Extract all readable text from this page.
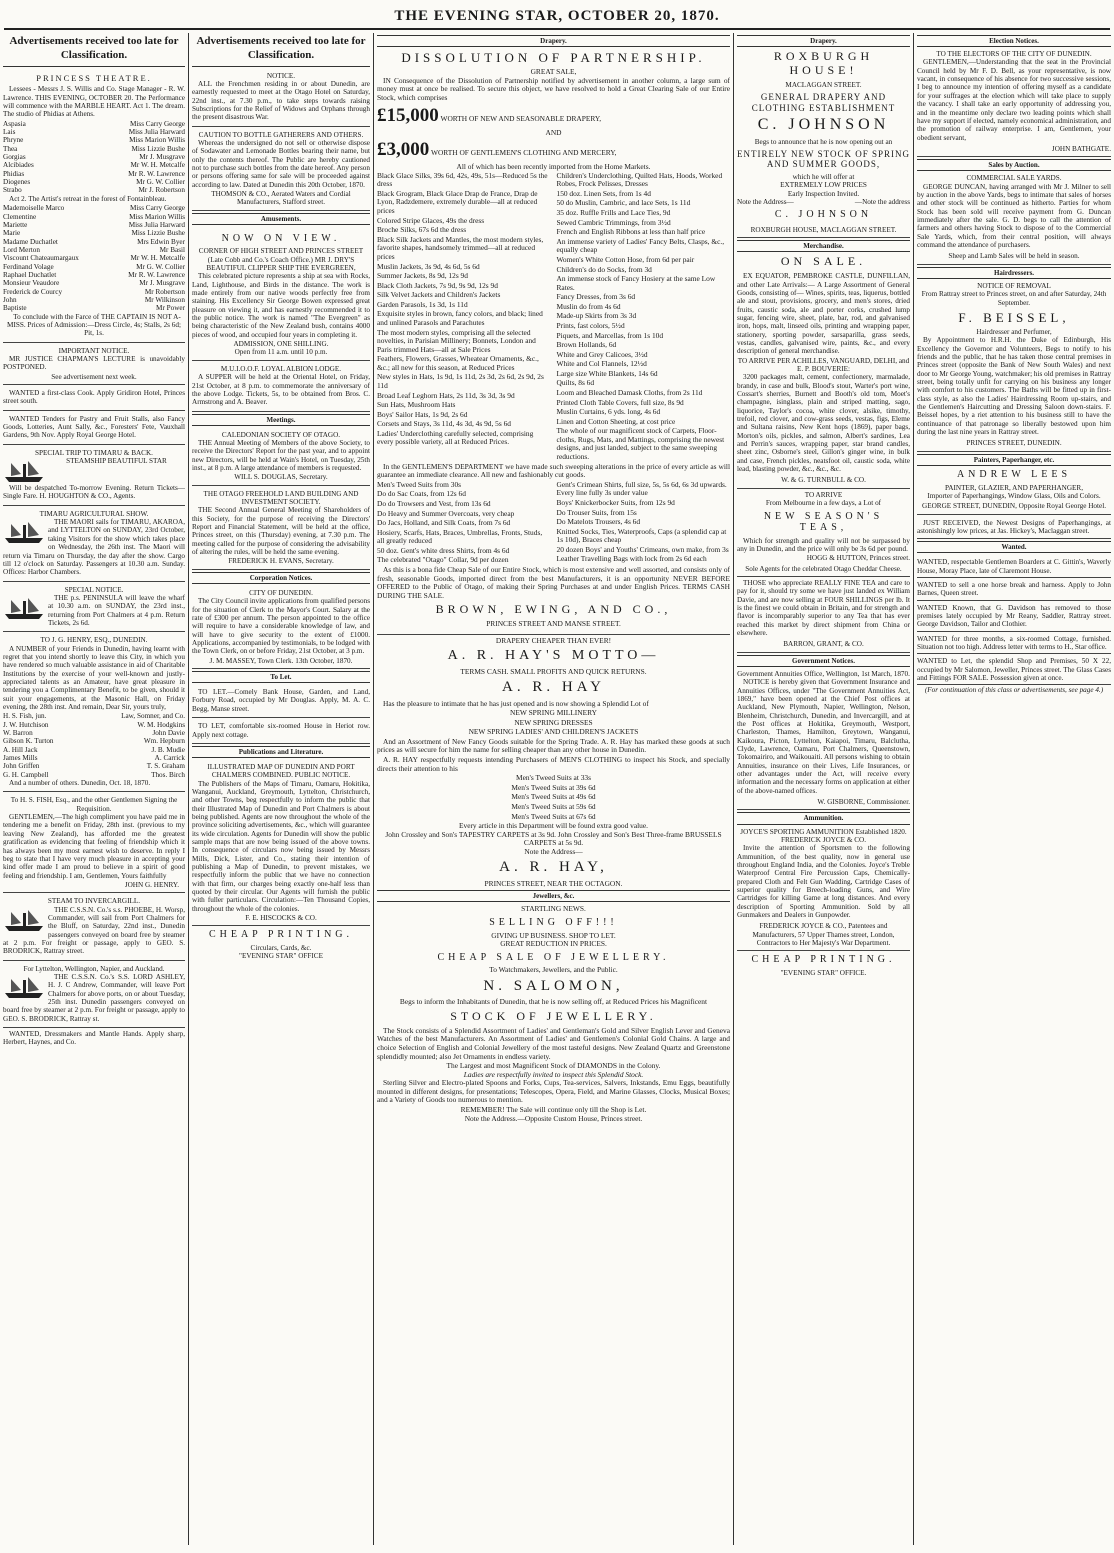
THE EVENING STAR, OCTOBER 20, 1870.
Advertisements received too late for Classification.
PRINCESS THEATRE.

Lessees - Messrs J. S. Willis and Co. Stage Manager - R. W. Lawrence. THIS EVENING, OCTOBER 20. The Performance will commence with the MARBLE HEART. Act 1. The dream. The studio of Phidias at Athens.

Aspasia	Miss Carry George
Lais	Miss Julia Harward
Phryne	Miss Marion Willis
Thea	Miss Lizzie Bushe
Gorgias	Mr J. Musgrave
Alcibiades	Mr W. H. Metcalfe
Phidias	Mr R. W. Lawrence
Diogenes	Mr G. W. Collier
Strabo	Mr J. Robertson

Act 2. The Artist's retreat in the forest of Fontainbleau.

Mademoiselle Marco	Miss Carry George
Clementine	Miss Marion Willis
Mariette	Miss Julia Harward
Marie	Miss Lizzie Bushe
Madame Duchatlet	Mrs Edwin Byer
Lord Merton	Mr Basil
Viscount Chateaumargaux	Mr W. H. Metcalfe
Ferdinand Volage	Mr G. W. Collier
Raphael Duchatlet	Mr R. W. Lawrence
Monsieur Veaudore	Mr J. Musgrave
Frederick de Courcy	Mr Robertson
John	Mr Wilkinson
Baptiste	Mr Power

To conclude with the Farce of THE CAPTAIN IS NOT A-MISS. Prices of Admission:—Dress Circle, 4s; Stalls, 2s 6d; Pit, 1s.

IMPORTANT NOTICE.

MR JUSTICE CHAPMAN'S LECTURE is unavoidably POSTPONED.

See advertisement next week.

WANTED a first-class Cook. Apply Gridiron Hotel, Princes street south.

WANTED Tenders for Pastry and Fruit Stalls, also Fancy Goods, Lotteries, Aunt Sally, &c., Foresters' Fete, Vauxhall Gardens, 9th Nov. Apply Royal George Hotel.

SPECIAL TRIP TO TIMARU & BACK.
STEAMSHIP BEAUTIFUL STAR

Will be despatched To-morrow Evening. Return Tickets—Single Fare. H. HOUGHTON & CO., Agents.

TIMARU AGRICULTURAL SHOW.

THE MAORI sails for TIMARU, AKAROA, and LYTTELTON on SUNDAY, 23rd October, taking Visitors for the show which takes place on Wednesday, the 26th inst. The Maori will return via Timaru on Thursday, the day after the show. Cargo till 12 o'clock on Saturday. Passengers at 10.30 a.m. Sunday. Offices: Harbor Chambers.

SPECIAL NOTICE.

THE p.s. PENINSULA will leave the wharf at 10.30 a.m. on SUNDAY, the 23rd inst., returning from Port Chalmers at 4 p.m. Return Tickets, 2s 6d.

TO J. G. HENRY, ESQ., DUNEDIN.

A NUMBER of your Friends in Dunedin, having learnt with regret that you intend shortly to leave this City, in which you have rendered so much valuable assistance in aid of Charitable Institutions by the exercise of your well-known and justly-appreciated talents as an Amateur, have great pleasure in tendering you a Complimentary Benefit, to be given, should it suit your engagements, at the Masonic Hall, on Friday evening, the 28th inst. And remain, Dear Sir, yours truly,

H. S. Fish, jun.	Law, Somner, and Co.
J. W. Hutchison	W. M. Hodgkins
W. Barron	John Davie
Gibson K. Turton	Wm. Hepburn
A. Hill Jack	J. B. Mudie
James Mills	A. Carrick
John Griffen	T. S. Graham
G. H. Campbell	Thos. Birch

And a number of others. Dunedin, Oct. 18, 1870.

To H. S. FISH, Esq., and the other Gentlemen Signing the Requisition.

GENTLEMEN,—The high compliment you have paid me in tendering me a benefit on Friday, 28th inst. (previous to my leaving New Zealand), has afforded me the greatest gratification as evidencing that feeling of friendship which it has always been my most earnest wish to deserve. In reply I beg to state that I have very much pleasure in accepting your kind offer made I am proud to believe in a spirit of good feeling and friendship. I am, Gentlemen, Yours faithfully

JOHN G. HENRY.
STEAM TO INVERCARGILL.

THE C.S.S.N. Co.'s s.s. PHOEBE, H. Worsp, Commander, will sail from Port Chalmers for the Bluff, on Saturday, 22nd inst., Dunedin passengers conveyed on board free by steamer at 2 p.m. For freight or passage, apply to GEO. S. BRODRICK, Rattray street.

For Lyttelton, Wellington, Napier, and Auckland.

THE C.S.S.N. Co.'s S.S. LORD ASHLEY, H. J. C Andrew, Commander, will leave Port Chalmers for above ports, on or about Tuesday, 25th inst. Dunedin passengers conveyed on board free by steamer at 2 p.m. For freight or passage, apply to GEO. S. BRODRICK, Rattray st.

WANTED, Dressmakers and Mantle Hands. Apply sharp, Herbert, Haynes, and Co.

Advertisements received too late for Classification.
NOTICE.

ALL the Frenchmen residing in or about Dunedin, are earnestly requested to meet at the Otago Hotel on Saturday, 22nd inst., at 7.30 p.m., to take steps towards raising Subscriptions for the Relief of Widows and Orphans through the present disastrous War.

CAUTION TO BOTTLE GATHERERS AND OTHERS.

Whereas the undersigned do not sell or otherwise dispose of Sodawater and Lemonade Bottles bearing their name, but only the contents thereof. The Public are hereby cautioned not to purchase such bottles from the date hereof. Any person or persons offering same for sale will be proceeded against according to law. Dated at Dunedin this 20th October, 1870.

THOMSON & CO., Aerated Waters and Cordial Manufacturers, Stafford street.
Amusements.
NOW ON VIEW.
CORNER OF HIGH STREET AND PRINCES STREET (Late Cobb and Co.'s Coach Office.) MR J. DRY'S BEAUTIFUL CLIPPER SHIP THE EVERGREEN,

This celebrated picture represents a ship at sea with Rocks, Land, Lighthouse, and Birds in the distance. The work is made entirely from our native woods perfectly free from staining. His Excellency Sir George Bowen expressed great pleasure on viewing it, and has earnestly recommended it to the public notice. The work is named "The Evergreen" as being characteristic of the New Zealand bush, contains 4000 pieces of wood, and occupied four years in completing it.

ADMISSION, ONE SHILLING.
Open from 11 a.m. until 10 p.m.
M.U.I.O.O.F. LOYAL ALBION LODGE.

A SUPPER will be held at the Oriental Hotel, on Friday, 21st October, at 8 p.m. to commemorate the anniversary of the above Lodge. Tickets, 5s, to be obtained from Bros. C. Armstrong and A. Beaver.

Meetings.
CALEDONIAN SOCIETY OF OTAGO.

THE Annual Meeting of Members of the above Society, to receive the Directors' Report for the past year, and to appoint new Directors, will be held at Wain's Hotel, on Tuesday, 25th inst., at 8 p.m. A large attendance of members is requested.

WILL S. DOUGLAS, Secretary.
THE OTAGO FREEHOLD LAND BUILDING AND INVESTMENT SOCIETY.

THE Second Annual General Meeting of Shareholders of this Society, for the purpose of receiving the Directors' Report and Financial Statement, will be held at the office, Princes street, on this (Thursday) evening, at 7.30 p.m. The meeting called for the purpose of considering the advisability of altering the rules, will be held the same evening.

FREDERICK H. EVANS, Secretary.
Corporation Notices.
CITY OF DUNEDIN.

The City Council invite applications from qualified persons for the situation of Clerk to the Mayor's Court. Salary at the rate of £300 per annum. The person appointed to the office will require to have a considerable knowledge of law, and will have to give security to the extent of £1000. Applications, accompanied by testimonials, to be lodged with the Town Clerk, on or before Friday, 21st October, at 3 p.m.

J. M. MASSEY, Town Clerk. 13th October, 1870.
To Let.

TO LET.—Comely Bank House, Garden, and Land, Forbury Road, occupied by Mr Douglas. Apply, M. A. C. Begg, Manse street.

TO LET, comfortable six-roomed House in Heriot row. Apply next cottage.

Publications and Literature.
ILLUSTRATED MAP OF DUNEDIN AND PORT CHALMERS COMBINED. PUBLIC NOTICE.

The Publishers of the Maps of Timaru, Oamaru, Hokitika, Wanganui, Auckland, Greymouth, Lyttelton, Christchurch, and other Towns, beg respectfully to inform the public that their Illustrated Map of Dunedin and Port Chalmers is about being published. Agents are now throughout the whole of the province soliciting advertisements, &c., which will guarantee its wide circulation. Agents for Dunedin will show the public sample maps that are now being issued of the above towns. In consequence of circulars now being issued by Messrs Mills, Dick, Lister, and Co., stating their intention of publishing a Map of Dunedin, to prevent mistakes, we respectfully inform the public that we have no connection with that firm, our charges being exactly one-half less than quoted by their circular. Our Agents will furnish the public with fuller particulars. Circulation:—Ten Thousand Copies, throughout the whole of the colonies.

F. E. HISCOCKS & CO.
CHEAP PRINTING.
Circulars, Cards, &c.
"EVENING STAR" OFFICE
Drapery.
DISSOLUTION OF PARTNERSHIP.
GREAT SALE,

IN Consequence of the Dissolution of Partnership notified by advertisement in another column, a large sum of money must at once be realised. To secure this object, we have resolved to hold a Great Clearing Sale of our Entire Stock, which comprises

£15,000 WORTH OF NEW AND SEASONABLE DRAPERY,
AND
£3,000 WORTH OF GENTLEMEN'S CLOTHING AND MERCERY,
All of which has been recently imported from the Home Markets.
Black Glace Silks, 39s 6d, 42s, 49s, 51s—Reduced 5s the dress
Black Grogram, Black Glace Drap de France, Drap de Lyon, Radzdemere, extremely durable—all at reduced prices
Colored Stripe Glaces, 49s the dress
Broche Silks, 67s 6d the dress
Black Silk Jackets and Mantles, the most modern styles, favorite shapes, handsomely trimmed—all at reduced prices
Muslin Jackets, 3s 9d, 4s 6d, 5s 6d
Summer Jackets, 8s 9d, 12s 9d
Black Cloth Jackets, 7s 9d, 9s 9d, 12s 9d
Silk Velvet Jackets and Children's Jackets
Garden Parasols, 1s 3d, 1s 11d
Exquisite styles in brown, fancy colors, and black; lined and unlined Parasols and Parachutes
The most modern styles, comprising all the selected novelties, in Parisian Millinery; Bonnets, London and Paris trimmed Hats—all at Sale Prices
Feathers, Flowers, Grasses, Wheatear Ornaments, &c., &c.; all new for this season, at Reduced Prices
New styles in Hats, 1s 9d, 1s 11d, 2s 3d, 2s 6d, 2s 9d, 2s 11d
Broad Leaf Leghorn Hats, 2s 11d, 3s 3d, 3s 9d
Sun Hats, Mushroom Hats
Boys' Sailor Hats, 1s 9d, 2s 6d
Corsets and Stays, 3s 11d, 4s 3d, 4s 9d, 5s 6d
Ladies' Underclothing carefully selected, comprising every possible variety, all at Reduced Prices.
Children's Underclothing, Quilted Hats, Hoods, Worked Robes, Frock Pelisses, Dresses
150 doz. Linen Sets, from 1s 4d
50 do Muslin, Cambric, and lace Sets, 1s 11d
35 doz. Ruffle Frills and Lace Ties, 9d
Sewed Cambric Trimmings, from 3½d
French and English Ribbons at less than half price
An immense variety of Ladies' Fancy Belts, Clasps, &c., equally cheap
Women's White Cotton Hose, from 6d per pair
Children's do do Socks, from 3d
An immense stock of Fancy Hosiery at the same Low Rates.
Fancy Dresses, from 3s 6d
Muslin do from 4s 6d
Made-up Skirts from 3s 3d
Prints, fast colors, 5½d
Piquets, and Marcellas, from 1s 10d
Brown Hollands, 6d
White and Grey Calicoes, 3½d
White and Col Flannels, 12½d
Large size White Blankets, 14s 6d
Quilts, 8s 6d
Loom and Bleached Damask Cloths, from 2s 11d
Printed Cloth Table Covers, full size, 8s 9d
Muslin Curtains, 6 yds. long, 4s 6d
Linen and Cotton Sheeting, at cost price
The whole of our magnificent stock of Carpets, Floor-cloths, Rugs, Mats, and Mattings, comprising the newest designs, and just landed, subject to the same sweeping reductions.

In the GENTLEMEN'S DEPARTMENT we have made such sweeping alterations in the price of every article as will guarantee an immediate clearance. All new and fashionably cut goods.

Men's Tweed Suits from 30s
Do do Sac Coats, from 12s 6d
Do do Trowsers and Vest, from 13s 6d
Do Heavy and Summer Overcoats, very cheap
Do Jacs, Holland, and Silk Coats, from 7s 6d
Hosiery, Scarfs, Hats, Braces, Umbrellas, Fronts, Studs, all greatly reduced
50 doz. Gent's white dress Shirts, from 4s 6d
The celebrated "Otago" Collar, 9d per dozen
Gent's Crimean Shirts, full size, 5s, 5s 6d, 6s 3d upwards. Every line fully 3s under value
Boys' Knickerbocker Suits, from 12s 9d
Do Trouser Suits, from 15s
Do Matelots Trousers, 4s 6d
Knitted Socks, Ties, Waterproofs, Caps (a splendid cap at 1s 10d), Braces cheap
20 dozen Boys' and Youths' Crimeans, own make, from 3s
Leather Travelling Bags with lock from 2s 6d each

As this is a bona fide Cheap Sale of our Entire Stock, which is most extensive and well assorted, and consists only of fresh, seasonable Goods, imported direct from the best Manufacturers, it is an opportunity NEVER BEFORE OFFERED to the Public of Otago, of making their Spring Purchases at and under English Prices. TERMS CASH DURING THE SALE.

BROWN, EWING, AND CO.,
PRINCES STREET AND MANSE STREET.
DRAPERY CHEAPER THAN EVER!
A. R. HAY'S MOTTO—
TERMS CASH. SMALL PROFITS AND QUICK RETURNS.
A. R. HAY

Has the pleasure to intimate that he has just opened and is now showing a Splendid Lot of

NEW SPRING MILLINERY
NEW SPRING DRESSES
NEW SPRING LADIES' AND CHILDREN'S JACKETS

And an Assortment of New Fancy Goods suitable for the Spring Trade. A. R. Hay has marked these goods at such prices as will secure for him the name for selling cheaper than any other house in Dunedin.

A. R. HAY respectfully requests intending Purchasers of MEN'S CLOTHING to inspect his Stock, and specially directs their attention to his

Men's Tweed Suits at 33s
Men's Tweed Suits at 39s 6d
Men's Tweed Suits at 49s 6d
Men's Tweed Suits at 59s 6d
Men's Tweed Suits at 67s 6d
Every article in this Department will be found extra good value.
John Crossley and Son's TAPESTRY CARPETS at 3s 9d. John Crossley and Son's Best Three-frame BRUSSELS CARPETS at 5s 9d.
Note the Address—
A. R. HAY,
PRINCES STREET, NEAR THE OCTAGON.
Jewellers, &c.
STARTLING NEWS.
SELLING OFF!!!
GIVING UP BUSINESS. SHOP TO LET.
GREAT REDUCTION IN PRICES.
CHEAP SALE OF JEWELLERY.
To Watchmakers, Jewellers, and the Public.
N. SALOMON,
Begs to inform the Inhabitants of Dunedin, that he is now selling off, at Reduced Prices his Magnificent
STOCK OF JEWELLERY.

The Stock consists of a Splendid Assortment of Ladies' and Gentleman's Gold and Silver English Lever and Geneva Watches of the best Manufacturers. An Assortment of Ladies' and Gentlemen's Colonial Gold Chains. A large and choice Selection of English and Colonial Jewellery of the most tasteful designs. New Zealand Quartz and Greenstone splendidly mounted; also Jet Ornaments in endless variety.

The Largest and most Magnificent Stock of DIAMONDS in the Colony.
Ladies are respectfully invited to inspect this Splendid Stock.

Sterling Silver and Electro-plated Spoons and Forks, Cups, Tea-services, Salvers, Inkstands, Emu Eggs, beautifully mounted in different designs, for presentations; Telescopes, Opera, Field, and Marine Glasses, Clocks, Musical Boxes; and a Variety of Goods too numerous to mention.

REMEMBER! The Sale will continue only till the Shop is Let.
Note the Address.—Opposite Custom House, Princes street.
Drapery.
ROXBURGH HOUSE!
MACLAGGAN STREET.
GENERAL DRAPERY AND CLOTHING ESTABLISHMENT
C. JOHNSON
Begs to announce that he is now opening out an
ENTIRELY NEW STOCK OF SPRING AND SUMMER GOODS,
which he will offer at
EXTREMELY LOW PRICES
Early Inspection Invited.
Note the Address—	—Note the address
C. JOHNSON
ROXBURGH HOUSE, MACLAGGAN STREET.
Merchandise.
ON SALE.

EX EQUATOR, PEMBROKE CASTLE, DUNFILLAN, and other Late Arrivals:— A Large Assortment of General Goods, consisting of— Wines, spirits, teas, liquerus, bottled ale and stout, provisions, grocery, and men's stores, dried fruits, caustic soda, ale and porter corks, crushed lump sugar, fencing wire, sheet, plate, bar, rod, and galvanised iron, hops, malt, linseed oils, printing and wrapping paper, stationery, sporting powder, sarsaparilla, grass seeds, vestas, candles, galvanised wire, paints, &c., and every description of general merchandise.

TO ARRIVE PER ACHILLES, VANGUARD, DELHI, and E. P. BOUVERIE:

3200 packages malt, cement, confectionery, marmalade, brandy, in case and bulk, Blood's stout, Warter's port wine, Cossart's sherries, Burnett and Booth's old tom, Moet's champagne, isinglass, plain and striped matting, sago, liquorice, Taylor's cocoa, white clover, alsike, timothy, trefoil, red clover, and cow-grass seeds, vestas, figs, Eleme and Sultana raisins, New Kent hops (1869), paper bags, Morton's oils, pickles, and salmon, Albert's sardines, Lea and Perrin's sauces, wrapping paper, star brand candles, sheet zinc, Osborne's steel, Gillon's ginger wine, in bulk and case, French pickles, neatsfoot oil, caustic soda, white lead, blasting powder, &c., &c., &c.

W. & G. TURNBULL & CO.
TO ARRIVE
From Melbourne in a few days, a Lot of
NEW SEASON'S TEAS,

Which for strength and quality will not be surpassed by any in Dunedin, and the price will only be 3s 6d per pound.

HOGG & HUTTON, Princes street.
Sole Agents for the celebrated Otago Cheddar Cheese.

THOSE who appreciate REALLY FINE TEA and care to pay for it, should try some we have just landed ex William Davie, and are now selling at FOUR SHILLINGS per lb. It is the finest we could obtain in Britain, and for strength and flavor is incomparably superior to any Tea that has ever reached this market by direct shipment from China or elsewhere.

BARRON, GRANT, & CO.
Government Notices.
Government Annuities Office, Wellington, 1st March, 1870.

NOTICE is hereby given that Government Insurance and Annuities Offices, under "The Government Annuities Act, 1869," have been opened at the Chief Post offices at Auckland, New Plymouth, Napier, Wellington, Nelson, Blenheim, Christchurch, Dunedin, and Invercargill, and at the Post offices at Hokitika, Greymouth, Westport, Charleston, Thames, Hamilton, Greytown, Wanganui, Kaikoura, Picton, Lyttelton, Kaiapoi, Timaru, Balclutha, Clyde, Lawrence, Oamaru, Port Chalmers, Queenstown, Tokomairiro, and Waikouaiti. All persons wishing to obtain Annuities, insurance on their Lives, Life Insurances, or other advantages under the Act, will receive every information and the necessary forms on application at either of the above-named offices.

W. GISBORNE, Commissioner.
Ammunition.
JOYCE'S SPORTING AMMUNITION Established 1820.
FREDERICK JOYCE & CO.

Invite the attention of Sportsmen to the following Ammunition, of the best quality, now in general use throughout England India, and the Colonies. Joyce's Treble Waterproof Central Fire Percussion Caps, Chemically-prepared Cloth and Felt Gun Wadding, Cartridge Cases of superior quality for Breech-loading Guns, and Wire Cartridges for killing Game at long distances. And every description of Sporting Ammunition. Sold by all Gunmakers and Dealers in Gunpowder.

FREDERICK JOYCE & CO., Patentees and Manufacturers, 57 Upper Thames street, London, Contractors to Her Majesty's War Department.
CHEAP PRINTING.
"EVENING STAR" OFFICE.
Election Notices.
TO THE ELECTORS OF THE CITY OF DUNEDIN.

GENTLEMEN,—Understanding that the seat in the Provincial Council held by Mr F. D. Bell, as your representative, is now vacant, in consequence of his absence for two successive sessions, I beg to announce my intention of offering myself as a candidate for your suffrages at the election which will take place to supply the vacancy. I shall take an early opportunity of addressing you, and in the meantime only declare two leading points which shall have my support if elected, namely economical administration, and the promotion of railway enterprise. I am, Gentlemen, your obedient servant,

JOHN BATHGATE.
Sales by Auction.
COMMERCIAL SALE YARDS.

GEORGE DUNCAN, having arranged with Mr J. Milner to sell by auction in the above Yards, begs to intimate that sales of horses and other stock will be continued as hitherto. Parties for whom Stock has been sold will receive payment from G. Duncan immediately after the sale. G. D. begs to call the attention of farmers and others having Stock to dispose of to the Commercial Sale Yards, which, from their central position, will always command the attendance of purchasers.

Sheep and Lamb Sales will be held in season.
Hairdressers.
NOTICE OF REMOVAL
From Rattray street to Princes street, on and after Saturday, 24th September.
F. BEISSEL,
Hairdresser and Perfumer,

By Appointment to H.R.H. the Duke of Edinburgh, His Excellency the Governor and Volunteers, Begs to notify to his friends and the public, that he has taken those central premises in Princes street (opposite the Bank of New South Wales) and next door to Mr George Young, watchmaker; his old premises in Rattray street, being totally unfit for carrying on his business any longer with comfort to his customers. The Baths will be fitted up in first-class style, as also the Ladies' Hairdressing Room up-stairs, and the Gentlemen's Haircutting and Dressing Saloon down-stairs. F. Beissel hopes, by a riet attention to his business still to have the continuance of that patronage so liberally bestowed upon him during the last nine years in Rattray street.

PRINCES STREET, DUNEDIN.
Painters, Paperhanger, etc.
ANDREW LEES
PAINTER, GLAZIER, AND PAPERHANGER,
Importer of Paperhangings, Window Glass, Oils and Colors.
GEORGE STREET, DUNEDIN, Opposite Royal George Hotel.

JUST RECEIVED, the Newest Designs of Paperhangings, at astonishingly low prices, at Jas. Hickey's, Maclaggan street.

Wanted.
WANTED, respectable Gentlemen Boarders at C. Gittin's, Waverly House, Moray Place, late of Claremont House.
WANTED to sell a one horse break and harness. Apply to John Barnes, Queen street.
WANTED Known, that G. Davidson has removed to those premises lately occupied by Mr Reany, Saddler, Rattray street. George Davidson, Tailor and Clothier.
WANTED for three months, a six-roomed Cottage, furnished. Situation not too high. Address letter with terms to H., Star office.
WANTED to Let, the splendid Shop and Premises, 50 X 22, occupied by Mr Salomon, Jeweller, Princes street. The Glass Cases and Fittings FOR SALE. Possession given at once.
(For continuation of this class or advertisements, see page 4.)
